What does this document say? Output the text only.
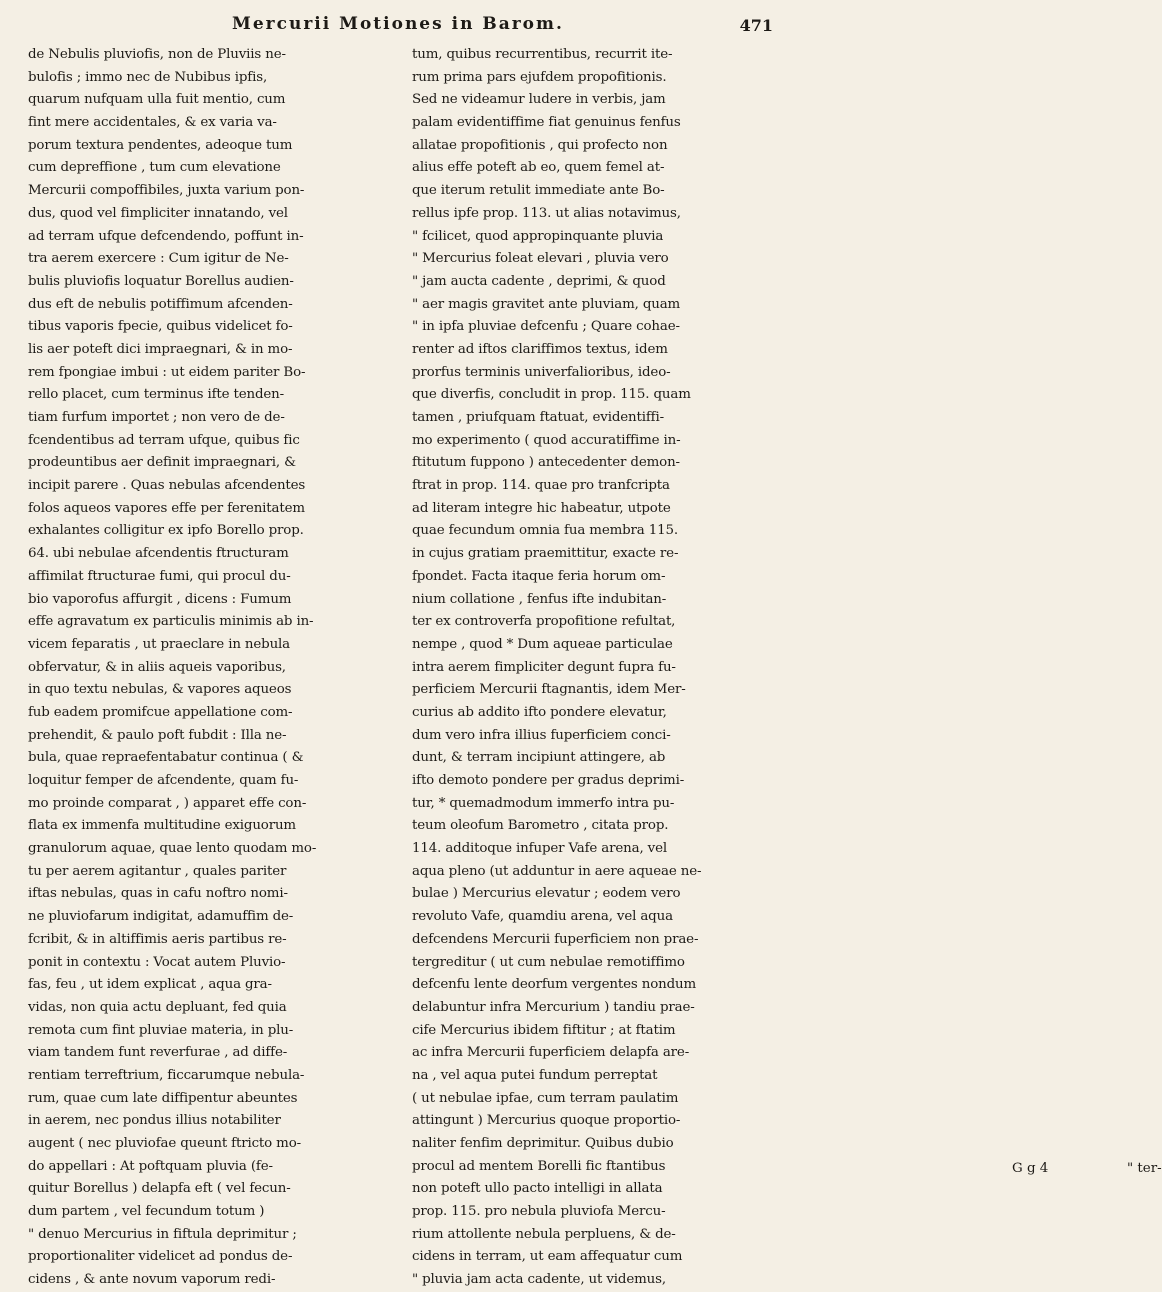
Mercurii Motiones in Barom.	471
de Nebulis pluviofis, non de Pluviis ne-
bulofis ; immo nec de Nubibus ipfis,
quarum nufquam ulla fuit mentio, cum
fint mere accidentales, & ex varia va-
porum textura pendentes, adeoque tum
cum depreffione , tum cum elevatione
Mercurii compoffibiles, juxta varium pon-
dus, quod vel fimpliciter innatando, vel
ad terram ufque defcendendo, poffunt in-
tra aerem exercere : Cum igitur de Ne-
bulis pluviofis loquatur Borellus audien-
dus eft de nebulis potiffimum afcenden-
tibus vaporis fpecie, quibus videlicet fo-
lis aer poteft dici impraegnari, & in mo-
rem fpongiae imbui : ut eidem pariter Bo-
rello placet, cum terminus ifte tenden-
tiam furfum importet ; non vero de de-
fcendentibus ad terram ufque, quibus fic
prodeuntibus aer definit impraegnari, &
incipit parere . Quas nebulas afcendentes
folos aqueos vapores effe per ferenitatem
exhalantes colligitur ex ipfo Borello prop.
64. ubi nebulae afcendentis ftructuram
affimilat ftructurae fumi, qui procul du-
bio vaporofus affurgit , dicens : Fumum
effe agravatum ex particulis minimis ab in-
vicem feparatis , ut praeclare in nebula
obfervatur, & in aliis aqueis vaporibus,
in quo textu nebulas, & vapores aqueos
fub eadem promifcue appellatione com-
prehendit, & paulo poft fubdit : Illa ne-
bula, quae repraefentabatur continua ( &
loquitur femper de afcendente, quam fu-
mo proinde comparat , ) apparet effe con-
flata ex immenfa multitudine exiguorum
granulorum aquae, quae lento quodam mo-
tu per aerem agitantur , quales pariter
iftas nebulas, quas in cafu noftro nomi-
ne pluviofarum indigitat, adamuffim de-
fcribit, & in altiffimis aeris partibus re-
ponit in contextu : Vocat autem Pluvio-
fas, feu , ut idem explicat , aqua gra-
vidas, non quia actu depluant, fed quia
remota cum fint pluviae materia, in plu-
viam tandem funt reverfurae , ad diffe-
rentiam terreftrium, ficcarumque nebula-
rum, quae cum late diffipentur abeuntes
in aerem, nec pondus illius notabiliter
augent ( nec pluviofae queunt ftricto mo-
do appellari : At poftquam pluvia (fe-
quitur Borellus ) delapfa eft ( vel fecun-
dum partem , vel fecundum totum )
" denuo Mercurius in fiftula deprimitur ;
proportionaliter videlicet ad pondus de-
cidens , & ante novum vaporum redi-
tum, quibus recurrentibus, recurrit ite-
rum prima pars ejufdem propofitionis.
Sed ne videamur ludere in verbis, jam
palam evidentiffime fiat genuinus fenfus
allatae propofitionis , qui profecto non
alius effe poteft ab eo, quem femel at-
que iterum retulit immediate ante Bo-
rellus ipfe prop. 113. ut alias notavimus,
" fcilicet, quod appropinquante pluvia
" Mercurius foleat elevari , pluvia vero
" jam aucta cadente , deprimi, & quod
" aer magis gravitet ante pluviam, quam
" in ipfa pluviae defcenfu ; Quare cohae-
renter ad iftos clariffimos textus, idem
prorfus terminis univerfalioribus, ideo-
que diverfis, concludit in prop. 115. quam
tamen , priufquam ftatuat, evidentiffi-
mo experimento ( quod accuratiffime in-
ftitutum fuppono ) antecedenter demon-
ftrat in prop. 114. quae pro tranfcripta
ad literam integre hic habeatur, utpote
quae fecundum omnia fua membra 115.
in cujus gratiam praemittitur, exacte re-
fpondet. Facta itaque feria horum om-
nium collatione , fenfus ifte indubitan-
ter ex controverfa propofitione refultat,
nempe , quod * Dum aqueae particulae
intra aerem fimpliciter degunt fupra fu-
perficiem Mercurii ftagnantis, idem Mer-
curius ab addito ifto pondere elevatur,
dum vero infra illius fuperficiem conci-
dunt, & terram incipiunt attingere, ab
ifto demoto pondere per gradus deprimi-
tur, * quemadmodum immerfo intra pu-
teum oleofum Barometro , citata prop.
114. additoque infuper Vafe arena, vel
aqua pleno (ut adduntur in aere aqueae ne-
bulae ) Mercurius elevatur ; eodem vero
revoluto Vafe, quamdiu arena, vel aqua
defcendens Mercurii fuperficiem non prae-
tergreditur ( ut cum nebulae remotiffimo
defcenfu lente deorfum vergentes nondum
delabuntur infra Mercurium ) tandiu prae-
cife Mercurius ibidem fiftitur ; at ftatim
ac infra Mercurii fuperficiem delapfa are-
na , vel aqua putei fundum perreptat
( ut nebulae ipfae, cum terram paulatim
attingunt ) Mercurius quoque proportio-
naliter fenfim deprimitur. Quibus dubio
procul ad mentem Borelli fic ftantibus
non poteft ullo pacto intelligi in allata
prop. 115. pro nebula pluviofa Mercu-
rium attollente nebula perpluens, & de-
cidens in terram, ut eam affequatur cum
" pluvia jam acta cadente, ut videmus,
G g 4	" ter-
